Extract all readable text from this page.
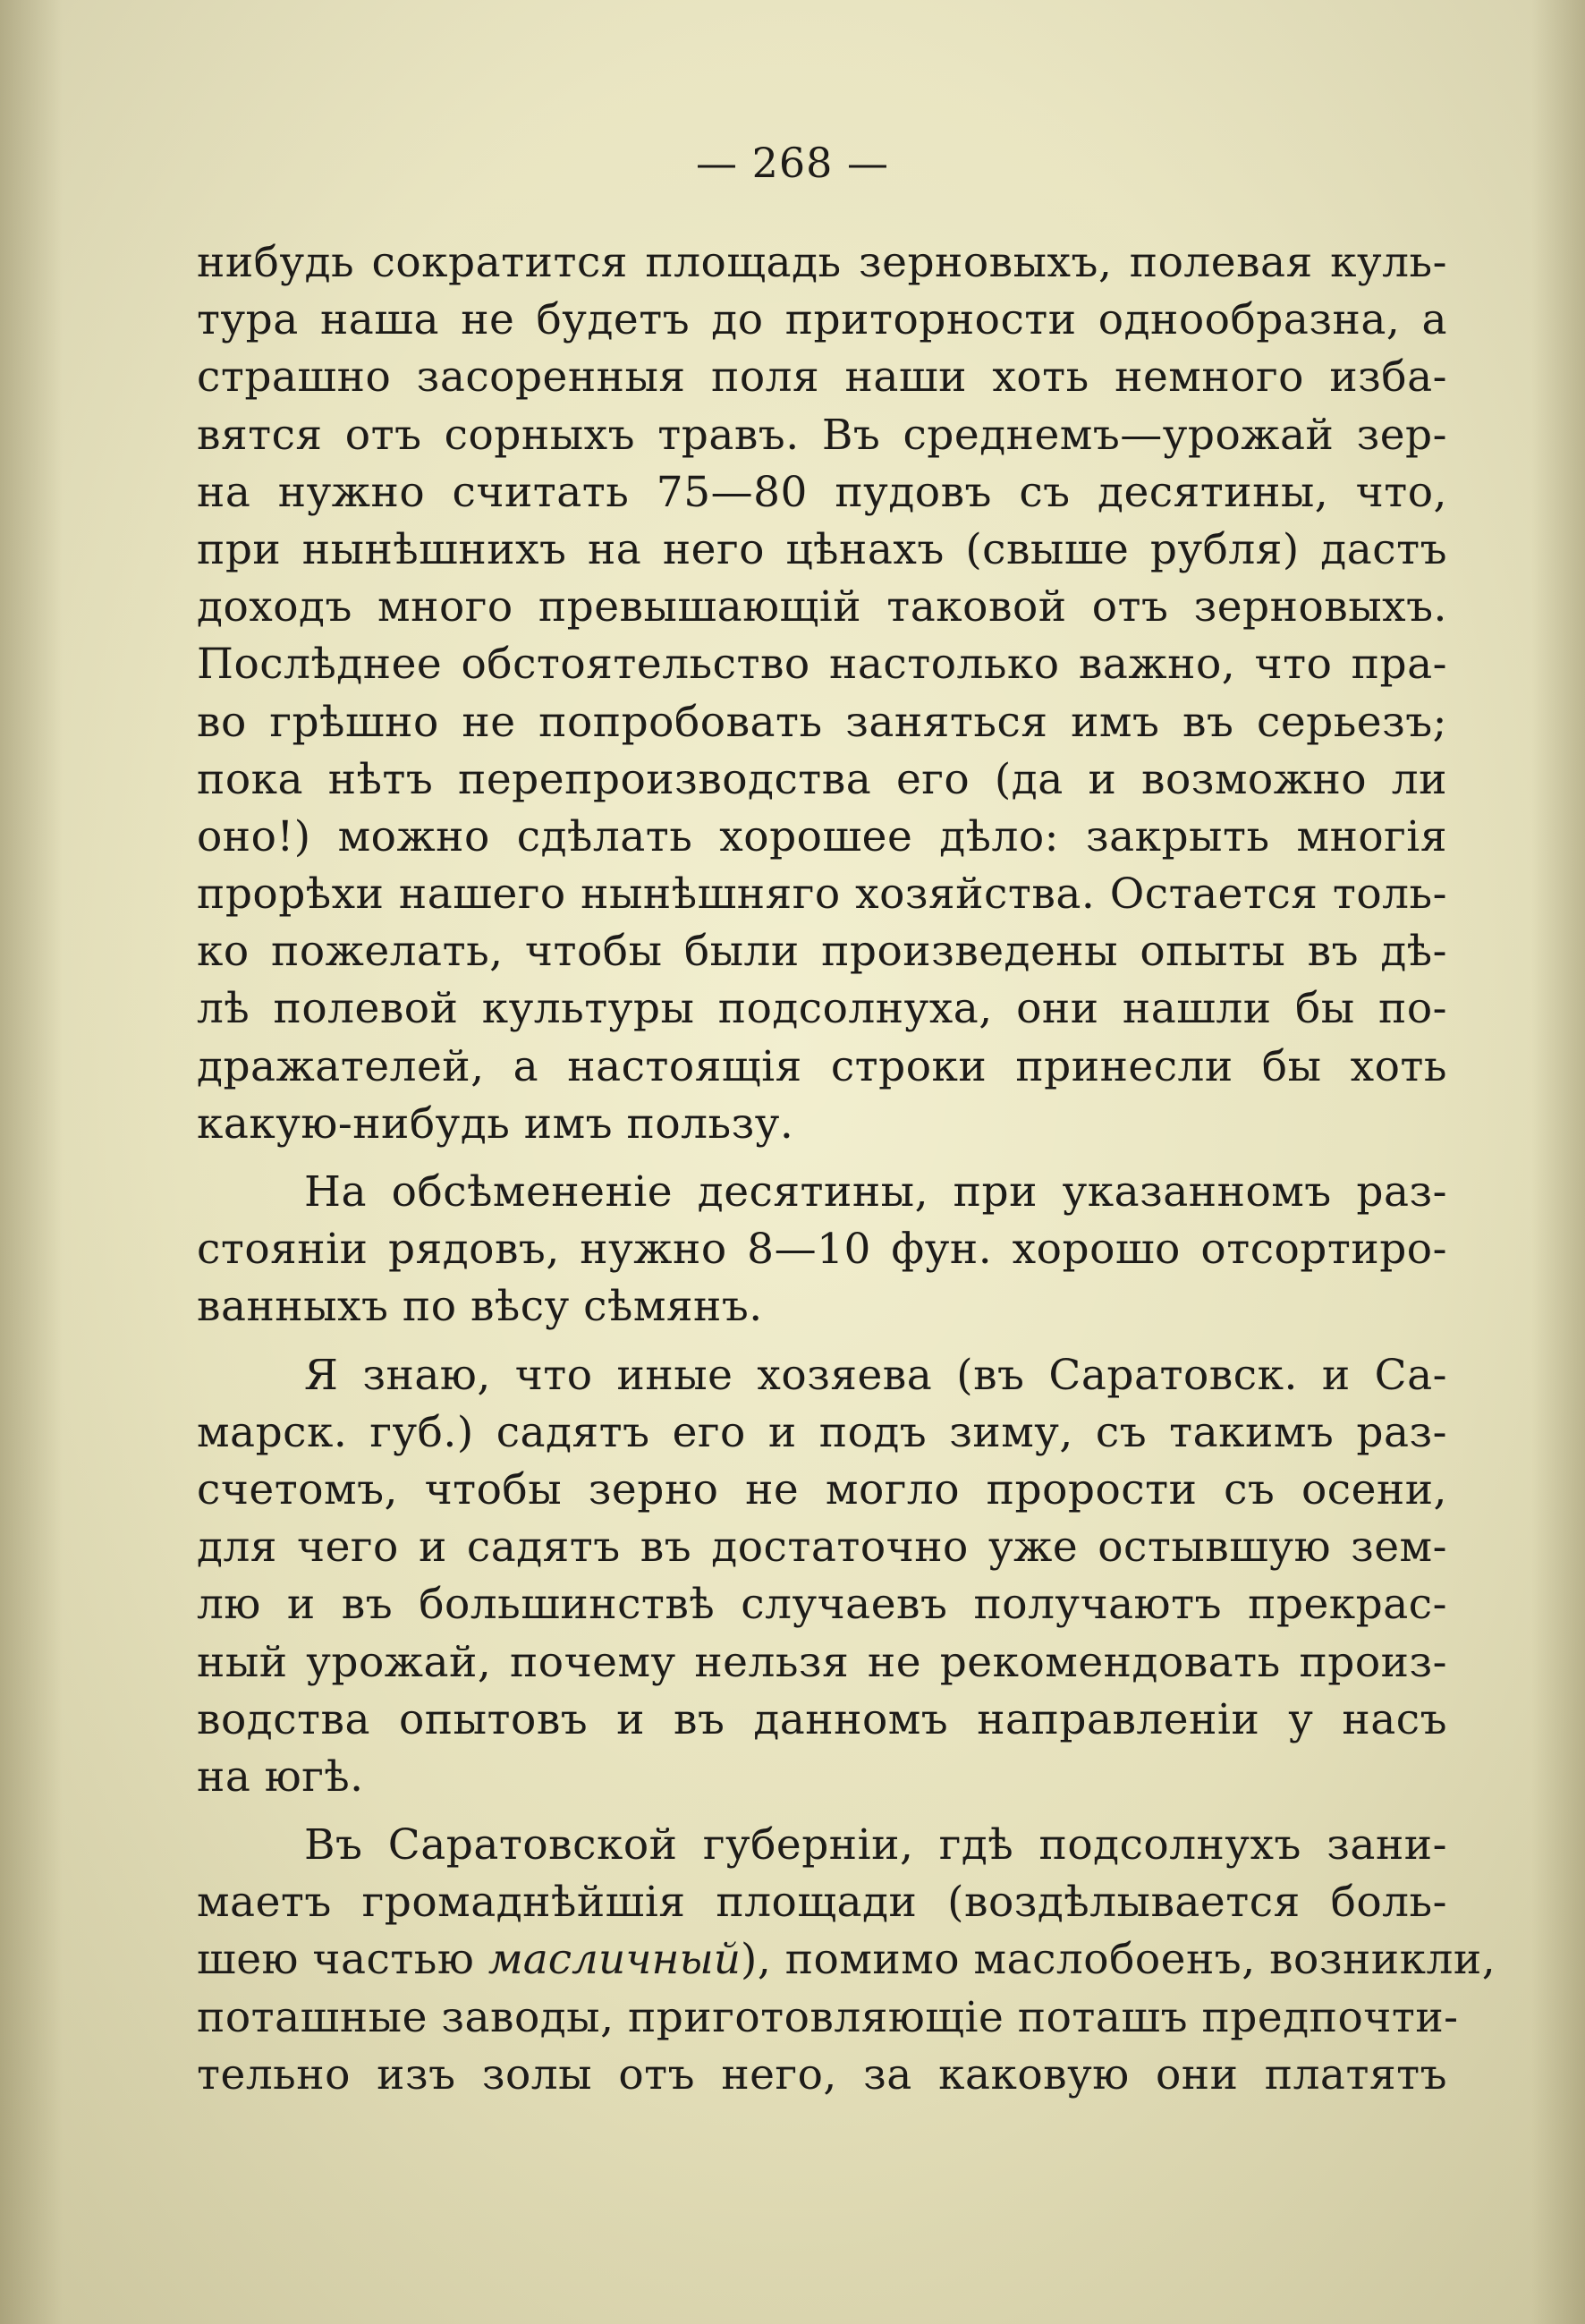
— 268 —
нибудь сократится площадь зерновыхъ, полевая куль-
тура наша не будетъ до приторности однообразна, а
страшно засоренныя поля наши хоть немного изба-
вятся отъ сорныхъ травъ. Въ среднемъ—урожай зер-
на нужно считать 75—80 пудовъ съ десятины, что,
при нынѣшнихъ на него цѣнахъ (свыше рубля) дастъ
доходъ много превышающій таковой отъ зерновыхъ.
Послѣднее обстоятельство настолько важно, что пра-
во грѣшно не попробовать заняться имъ въ серьезъ;
пока нѣтъ перепроизводства его (да и возможно ли
оно!) можно сдѣлать хорошее дѣло: закрыть многія
прорѣхи нашего нынѣшняго хозяйства. Остается толь-
ко пожелать, чтобы были произведены опыты въ дѣ-
лѣ полевой культуры подсолнуха, они нашли бы по-
дражателей, а настоящія строки принесли бы хоть
какую-нибудь имъ пользу.
На обсѣмененіе десятины, при указанномъ раз-
стояніи рядовъ, нужно 8—10 фун. хорошо отсортиро-
ванныхъ по вѣсу сѣмянъ.
Я знаю, что иные хозяева (въ Саратовск. и Са-
марск. губ.) садятъ его и подъ зиму, съ такимъ раз-
счетомъ, чтобы зерно не могло прорости съ осени,
для чего и садятъ въ достаточно уже остывшую зем-
лю и въ большинствѣ случаевъ получаютъ прекрас-
ный урожай, почему нельзя не рекомендовать произ-
водства опытовъ и въ данномъ направленіи у насъ
на югѣ.
Въ Саратовской губерніи, гдѣ подсолнухъ зани-
маетъ громаднѣйшія площади (воздѣлывается боль-
шею частью масличный), помимо маслобоенъ, возникли,
поташные заводы, приготовляющіе поташъ предпочти-
тельно изъ золы отъ него, за каковую они платятъ
